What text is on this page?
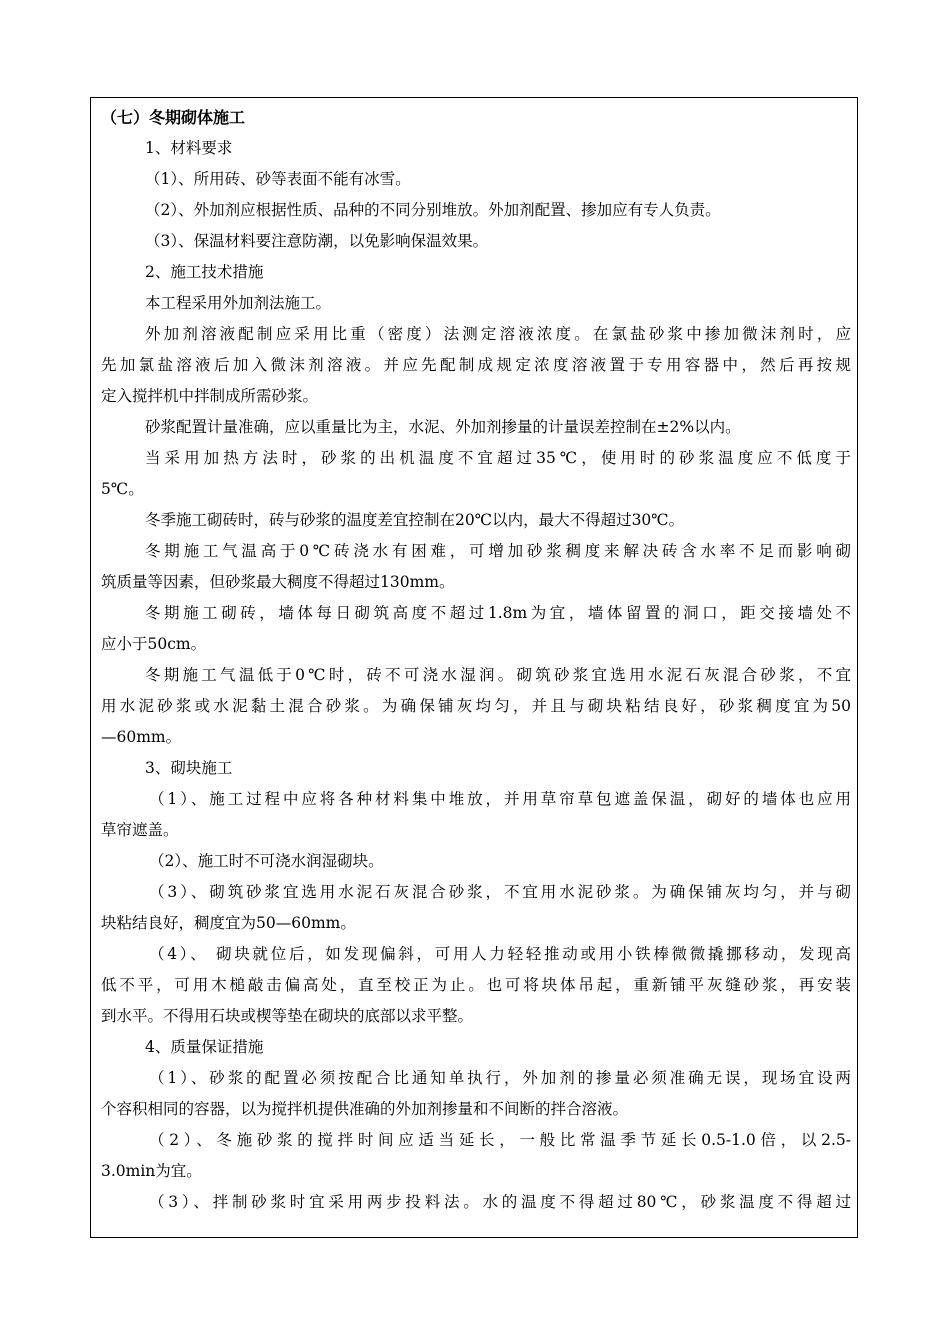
（七）冬期砌体施工
1、材料要求
（1）、所用砖、砂等表面不能有冰雪。
（2）、外加剂应根据性质、品种的不同分别堆放。外加剂配置、掺加应有专人负责。
（3）、保温材料要注意防潮，以免影响保温效果。
2、施工技术措施
本工程采用外加剂法施工。
外加剂溶液配制应采用比重（密度）法测定溶液浓度。在氯盐砂浆中掺加微沫剂时，应
先加氯盐溶液后加入微沫剂溶液。并应先配制成规定浓度溶液置于专用容器中，然后再按规
定入搅拌机中拌制成所需砂浆。
砂浆配置计量准确，应以重量比为主，水泥、外加剂掺量的计量误差控制在±2%以内。
当采用加热方法时，砂浆的出机温度不宜超过35℃，使用时的砂浆温度应不低度于
5℃。
冬季施工砌砖时，砖与砂浆的温度差宜控制在20℃以内，最大不得超过30℃。
冬期施工气温高于0℃砖浇水有困难，可增加砂浆稠度来解决砖含水率不足而影响砌
筑质量等因素，但砂浆最大稠度不得超过130mm。
冬期施工砌砖，墙体每日砌筑高度不超过1.8m为宜，墙体留置的洞口，距交接墙处不
应小于50cm。
冬期施工气温低于0℃时，砖不可浇水湿润。砌筑砂浆宜选用水泥石灰混合砂浆，不宜
用水泥砂浆或水泥黏土混合砂浆。为确保铺灰均匀，并且与砌块粘结良好，砂浆稠度宜为50
—60mm。
3、砌块施工
（1）、施工过程中应将各种材料集中堆放，并用草帘草包遮盖保温，砌好的墙体也应用
草帘遮盖。
（2）、施工时不可浇水润湿砌块。
（3）、砌筑砂浆宜选用水泥石灰混合砂浆，不宜用水泥砂浆。为确保铺灰均匀，并与砌
块粘结良好，稠度宜为50—60mm。
（4）、 砌块就位后，如发现偏斜，可用人力轻轻推动或用小铁棒微微撬挪移动，发现高
低不平，可用木槌敲击偏高处，直至校正为止。也可将块体吊起，重新铺平灰缝砂浆，再安装
到水平。不得用石块或楔等垫在砌块的底部以求平整。
4、质量保证措施
（1）、砂浆的配置必须按配合比通知单执行，外加剂的掺量必须准确无误，现场宜设两
个容积相同的容器，以为搅拌机提供准确的外加剂掺量和不间断的拌合溶液。
（2）、冬施砂浆的搅拌时间应适当延长，一般比常温季节延长0.5-1.0倍，以2.5-
3.0min为宜。
（3）、拌制砂浆时宜采用两步投料法。水的温度不得超过80℃，砂浆温度不得超过
